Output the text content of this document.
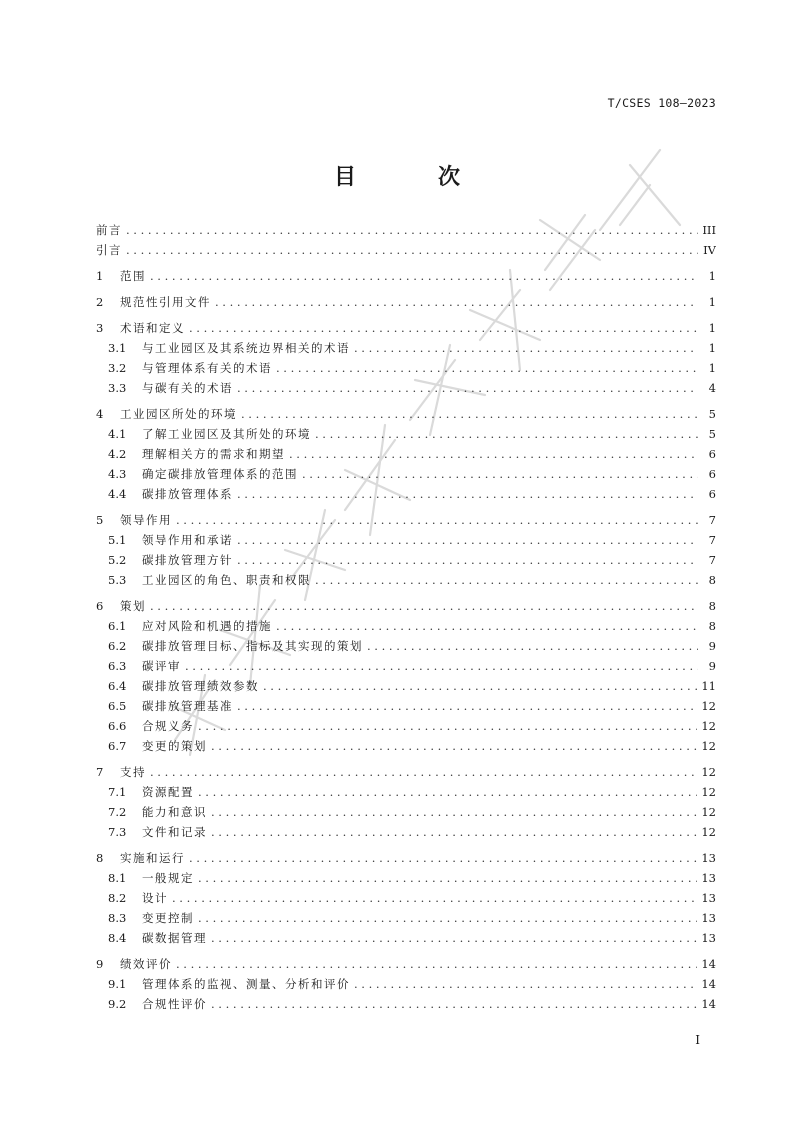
T/CSES 108—2023
目　次
前言 . . .	III
引言 . . .	IV
1	范围 . . .	1
2	规范性引用文件 . . .	1
3	术语和定义 . . .	1
3.1	与工业园区及其系统边界相关的术语 . . .	1
3.2	与管理体系有关的术语 . . .	1
3.3	与碳有关的术语 . . .	4
4	工业园区所处的环境 . . .	5
4.1	了解工业园区及其所处的环境 . . .	5
4.2	理解相关方的需求和期望 . . .	6
4.3	确定碳排放管理体系的范围 . . .	6
4.4	碳排放管理体系 . . .	6
5	领导作用 . . .	7
5.1	领导作用和承诺 . . .	7
5.2	碳排放管理方针 . . .	7
5.3	工业园区的角色、职责和权限 . . .	8
6	策划 . . .	8
6.1	应对风险和机遇的措施 . . .	8
6.2	碳排放管理目标、指标及其实现的策划 . . .	9
6.3	碳评审 . . .	9
6.4	碳排放管理绩效参数 . . .	11
6.5	碳排放管理基准 . . .	12
6.6	合规义务 . . .	12
6.7	变更的策划 . . .	12
7	支持 . . .	12
7.1	资源配置 . . .	12
7.2	能力和意识 . . .	12
7.3	文件和记录 . . .	12
8	实施和运行 . . .	13
8.1	一般规定 . . .	13
8.2	设计 . . .	13
8.3	变更控制 . . .	13
8.4	碳数据管理 . . .	13
9	绩效评价 . . .	14
9.1	管理体系的监视、测量、分析和评价 . . .	14
9.2	合规性评价 . . .	14
I
